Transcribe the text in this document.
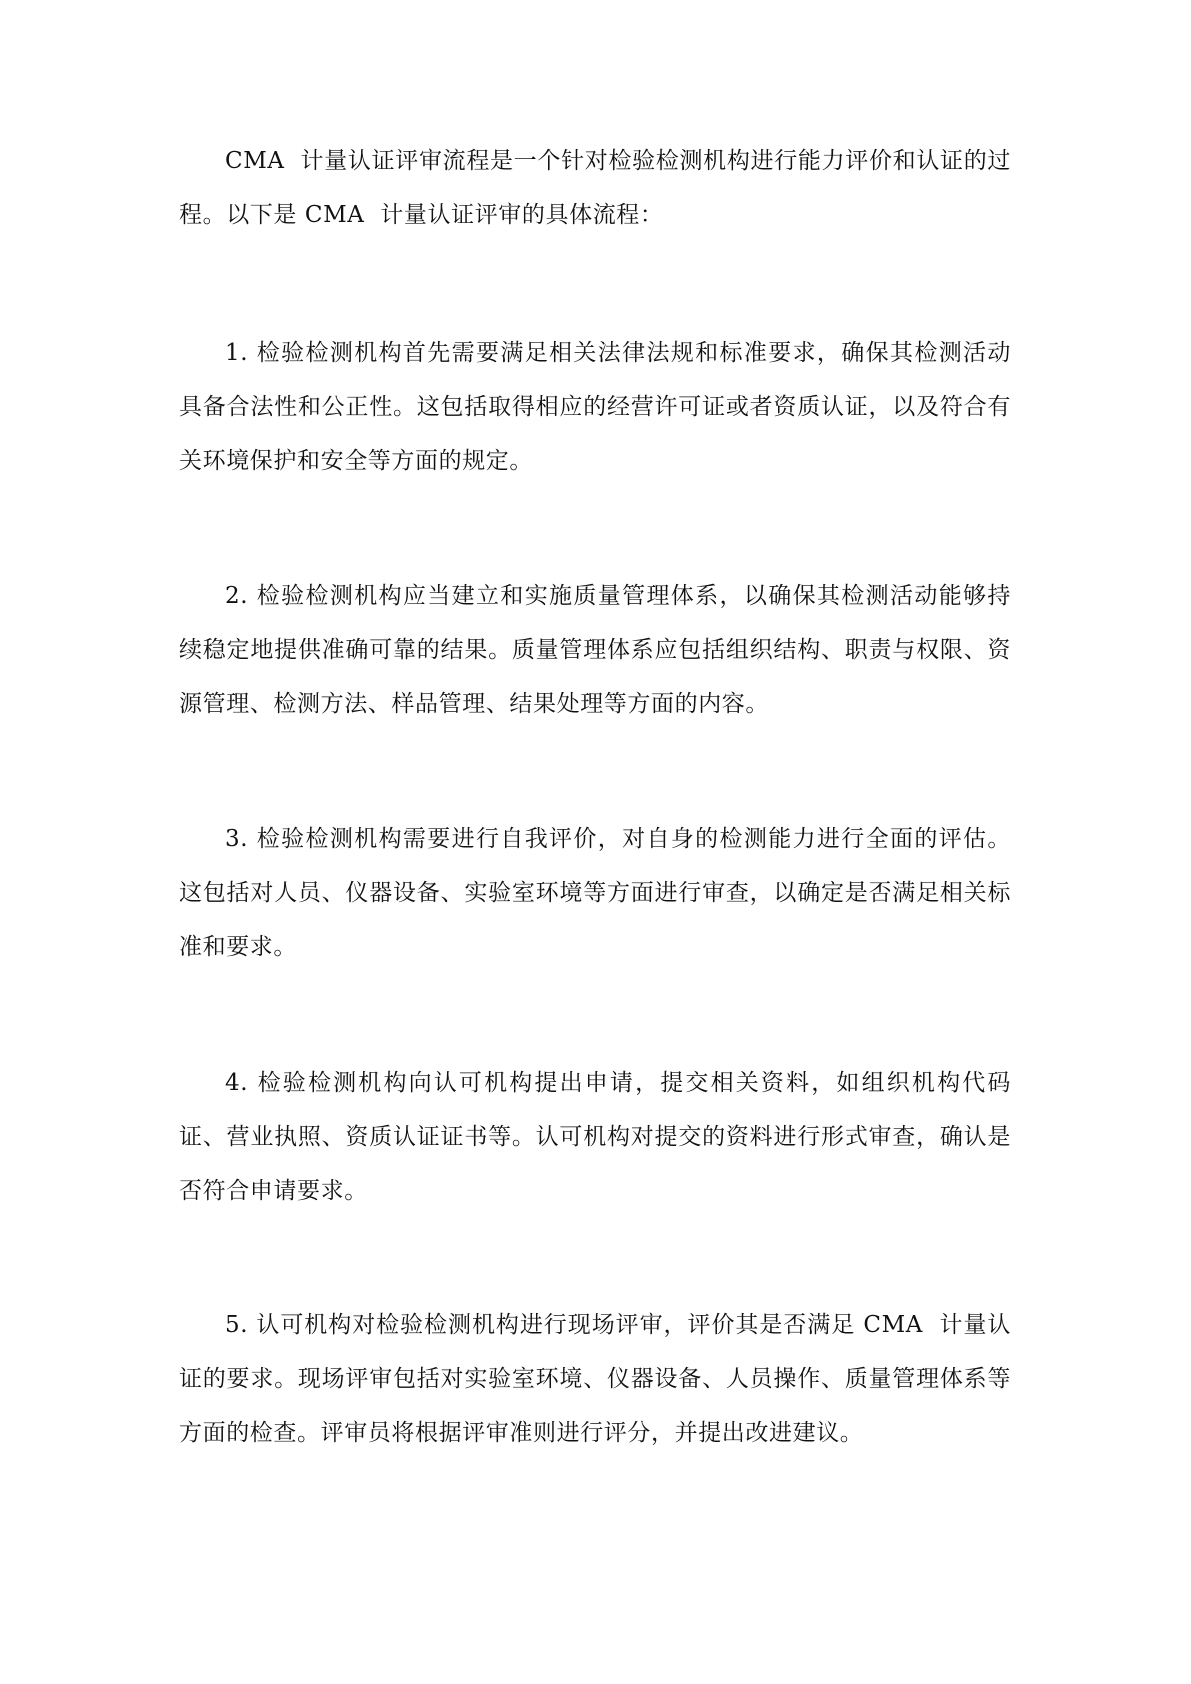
CMA  计量认证评审流程是一个针对检验检测机构进行能力评价和认证的过程。以下是 CMA  计量认证评审的具体流程：

1. 检验检测机构首先需要满足相关法律法规和标准要求，确保其检测活动具备合法性和公正性。这包括取得相应的经营许可证或者资质认证，以及符合有关环境保护和安全等方面的规定。

2. 检验检测机构应当建立和实施质量管理体系，以确保其检测活动能够持续稳定地提供准确可靠的结果。质量管理体系应包括组织结构、职责与权限、资源管理、检测方法、样品管理、结果处理等方面的内容。

3. 检验检测机构需要进行自我评价，对自身的检测能力进行全面的评估。这包括对人员、仪器设备、实验室环境等方面进行审查，以确定是否满足相关标准和要求。

4. 检验检测机构向认可机构提出申请，提交相关资料，如组织机构代码证、营业执照、资质认证证书等。认可机构对提交的资料进行形式审查，确认是否符合申请要求。

5. 认可机构对检验检测机构进行现场评审，评价其是否满足 CMA  计量认证的要求。现场评审包括对实验室环境、仪器设备、人员操作、质量管理体系等方面的检查。评审员将根据评审准则进行评分，并提出改进建议。
